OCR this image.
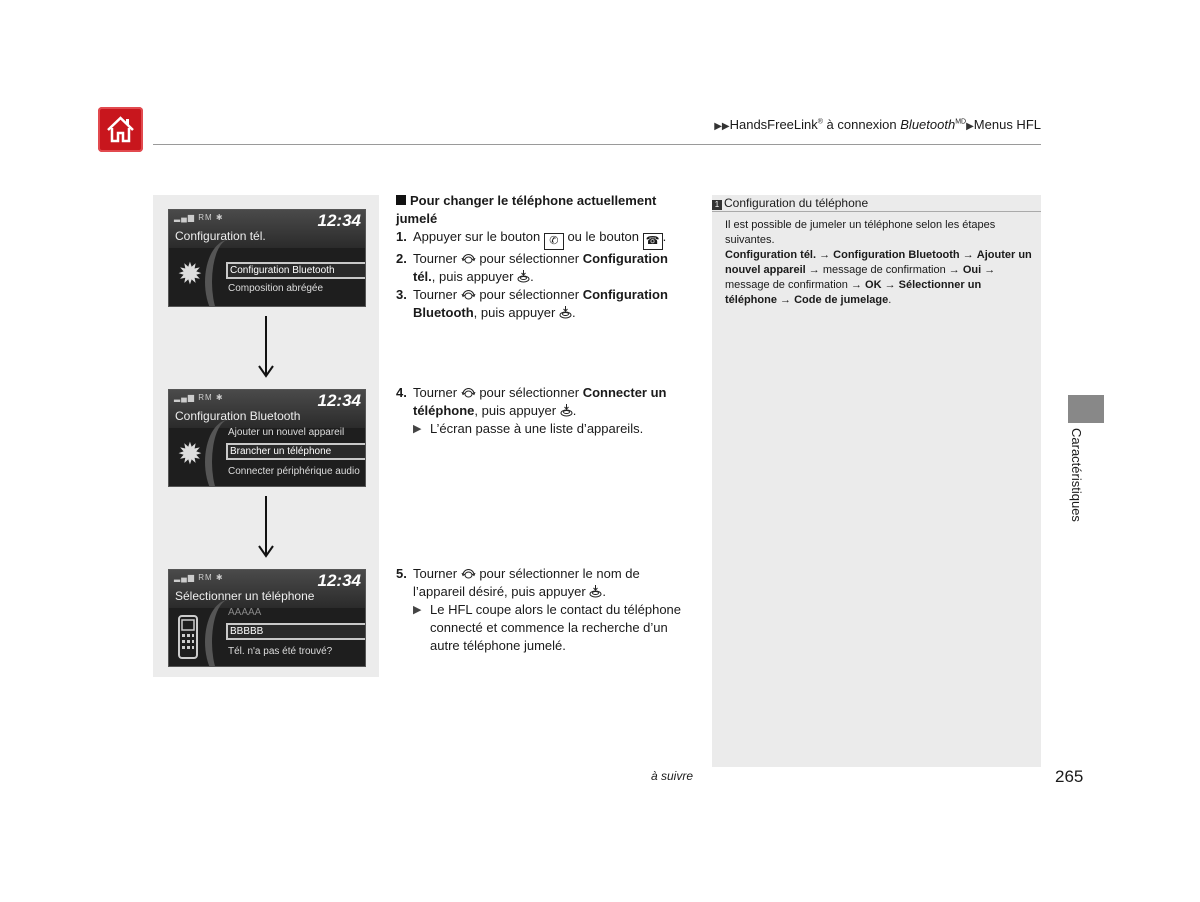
▶▶HandsFreeLink® à connexion Bluetooth$^{MD}$▶Menus HFL
▂▄▆ RM ✱	12:34
Configuration tél.
✹	Configuration Bluetooth
Composition abrégée
▂▄▆ RM ✱	12:34
Configuration Bluetooth
✹
Ajouter un nouvel appareil
Brancher un téléphone
Connecter périphérique audio
▂▄▆ RM ✱	12:34
Sélectionner un téléphone
AAAAA
BBBBB
Tél. n'a pas été trouvé?
Pour changer le téléphone actuellement jumelé
1. Appuyer sur le bouton ✆ ou le bouton ☎ .
2. Tourner pour sélectionner Configuration tél., puis appuyer .
3. Tourner pour sélectionner Configuration Bluetooth, puis appuyer .
4. Tourner pour sélectionner Connecter un téléphone, puis appuyer .
▶ L’écran passe à une liste d’appareils.
5. Tourner pour sélectionner le nom de l’appareil désiré, puis appuyer .
▶ Le HFL coupe alors le contact du téléphone connecté et commence la recherche d’un autre téléphone jumelé.
1 Configuration du téléphone
Il est possible de jumeler un téléphone selon les étapes suivantes.
Configuration tél. → Configuration Bluetooth → Ajouter un nouvel appareil → message de confirmation → Oui → message de confirmation → OK → Sélectionner un téléphone → Code de jumelage.
Caractéristiques
à suivre	265
